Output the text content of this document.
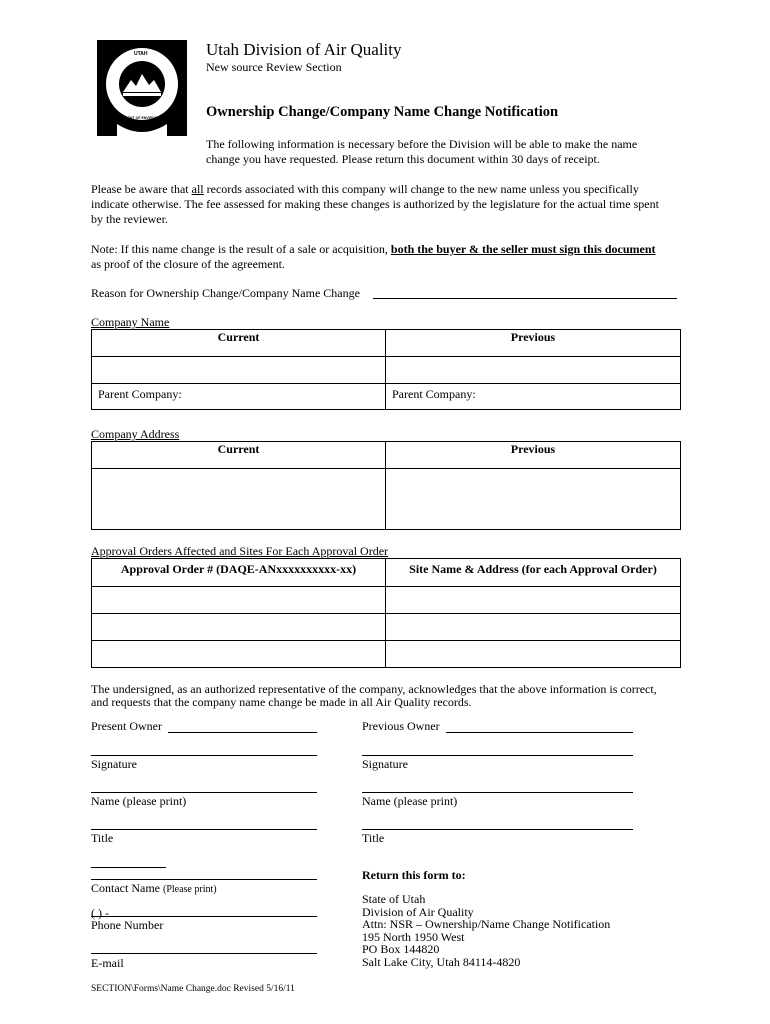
UTAH
DEPARTMENT OF ENVIRONMENTAL QUALITY
Utah Division of Air Quality
New source Review Section
Ownership Change/Company Name Change Notification
The following information is necessary before the Division will be able to make the name
change you have requested. Please return this document within 30 days of receipt.
Please be aware that all records associated with this company will change to the new name unless you specifically
indicate otherwise. The fee assessed for making these changes is authorized by the legislature for the actual time spent
by the reviewer.
Note: If this name change is the result of a sale or acquisition, both the buyer & the seller must sign this document
as proof of the closure of the agreement.
Reason for Ownership Change/Company Name Change
Company Name
Current	Previous

Parent Company:	Parent Company:
Company Address
Current	Previous

Approval Orders Affected and Sites For Each Approval Order
Approval Order # (DAQE-ANxxxxxxxxxx-xx)	Site Name & Address (for each Approval Order)

The undersigned, as an authorized representative of the company, acknowledges that the above information is correct,
and requests that the company name change be made in all Air Quality records.
Present Owner
Signature
Name (please print)
Title
Contact Name (Please print)
( ) -
Phone Number
E-mail
Previous Owner
Signature
Name (please print)
Title
Return this form to:
State of Utah
Division of Air Quality
Attn: NSR – Ownership/Name Change Notification
195 North 1950 West
PO Box 144820
Salt Lake City, Utah 84114-4820
SECTION\Forms\Name Change.doc Revised 5/16/11
